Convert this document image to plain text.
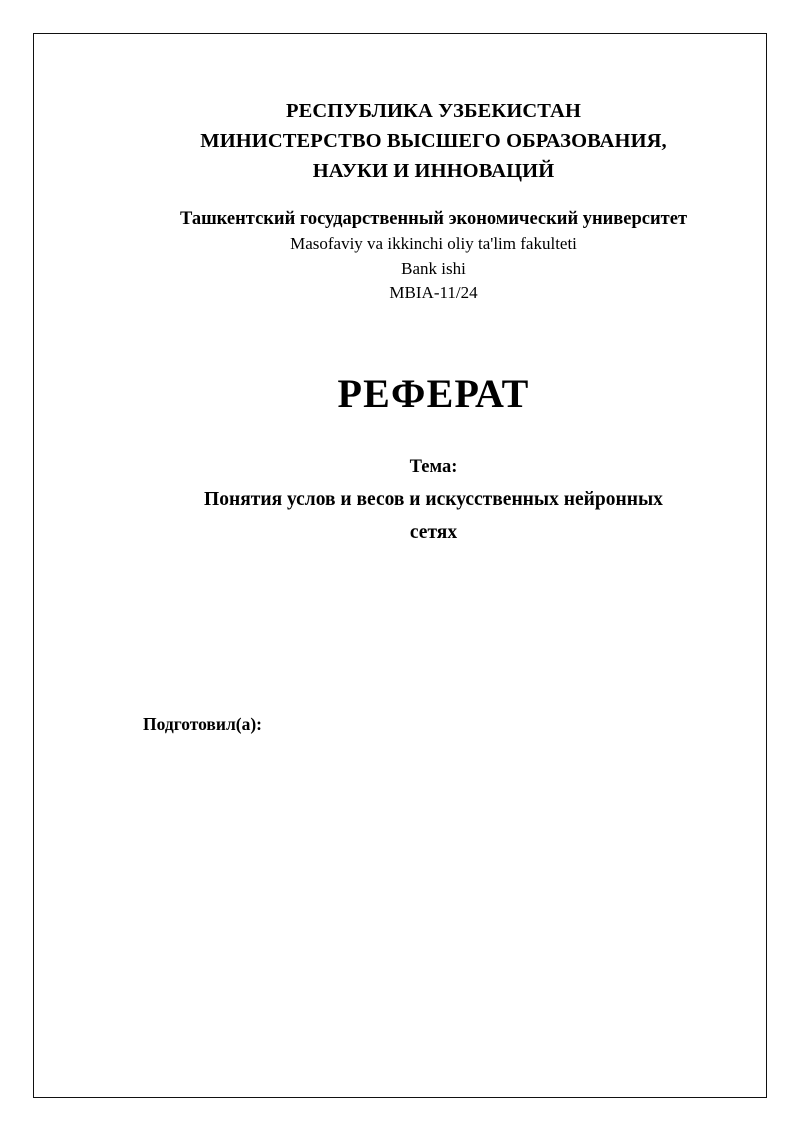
РЕСПУБЛИКА УЗБЕКИСТАН
МИНИСТЕРСТВО ВЫСШЕГО ОБРАЗОВАНИЯ,
НАУКИ И ИННОВАЦИЙ
Ташкентский государственный экономический университет
Masofaviy va ikkinchi oliy ta'lim fakulteti
Bank ishi
MBIA-11/24
РЕФЕРАТ
Тема:
Понятия услов и весов и искусственных нейронных
сетях
Подготовил(а):
